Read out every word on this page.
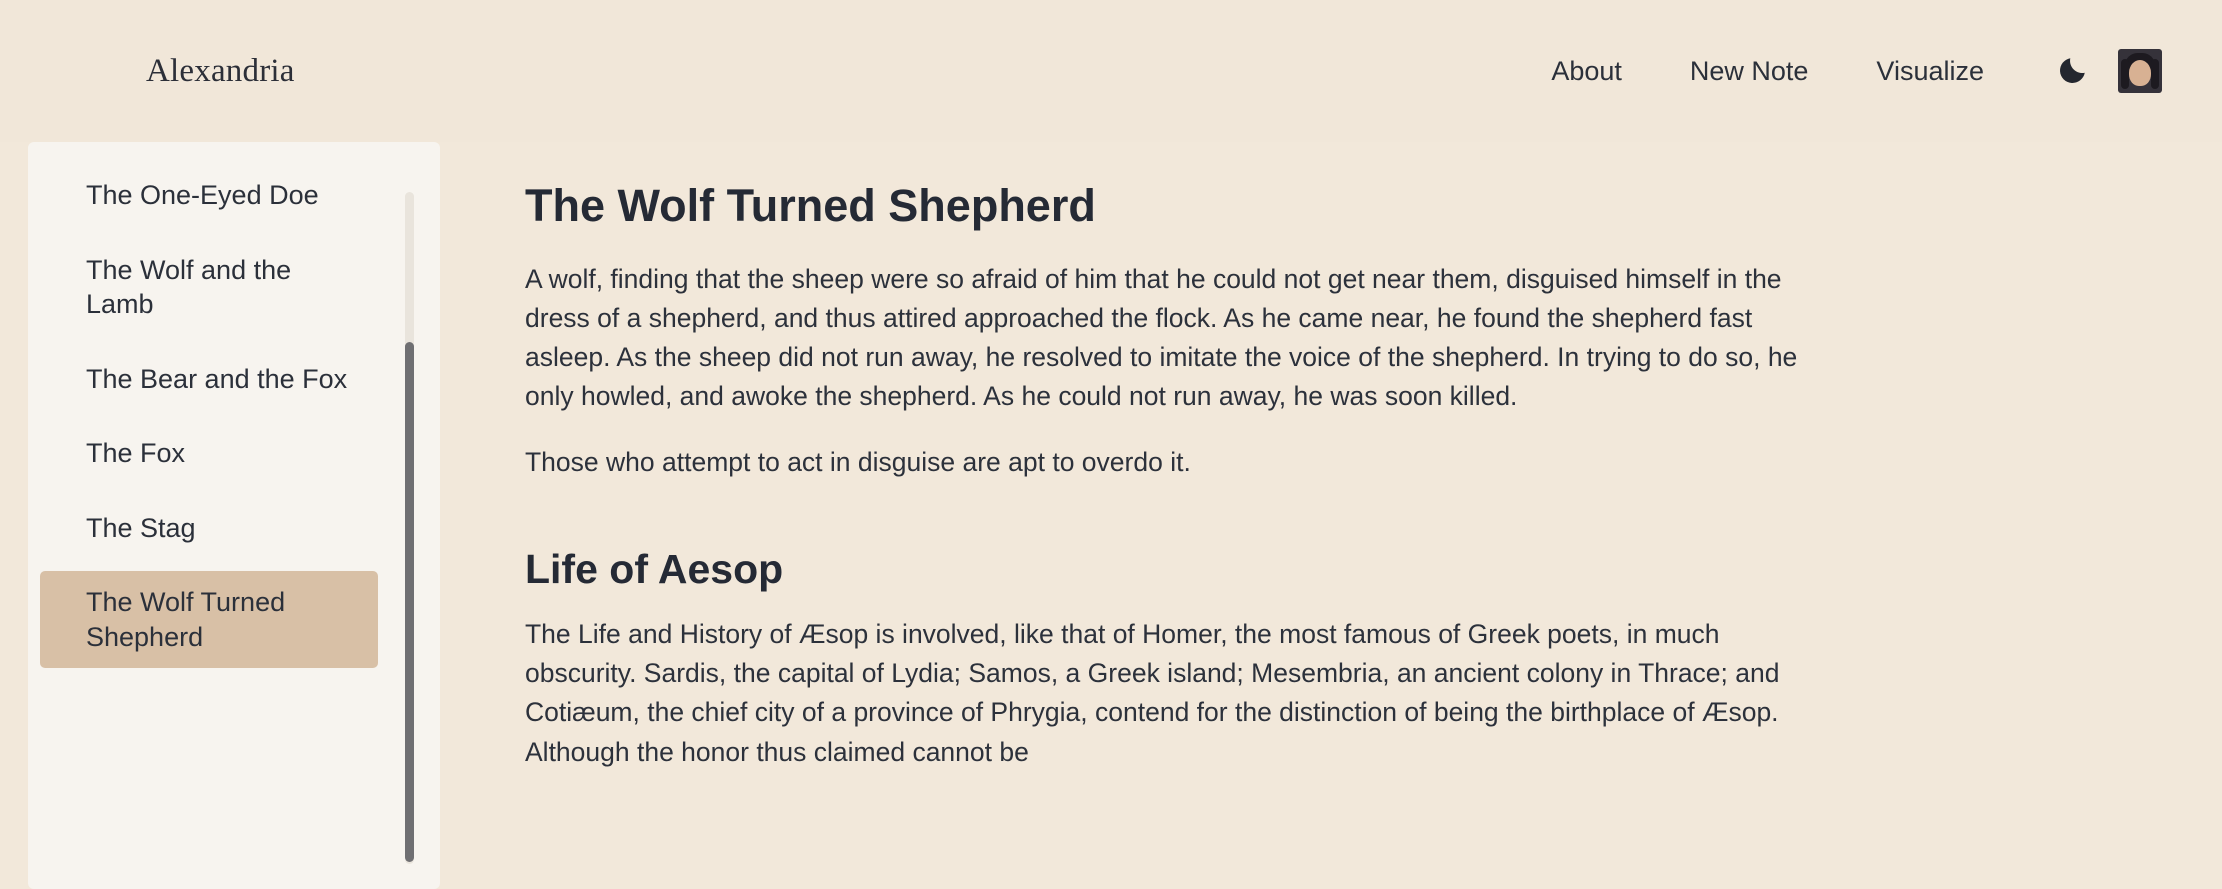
Alexandria	About	New Note	Visualize
The One-Eyed Doe
The Wolf and the Lamb
The Bear and the Fox
The Fox
The Stag
The Wolf Turned Shepherd
The Wolf Turned Shepherd

A wolf, finding that the sheep were so afraid of him that he could not get near them, disguised himself in the dress of a shepherd, and thus attired approached the flock. As he came near, he found the shepherd fast asleep. As the sheep did not run away, he resolved to imitate the voice of the shepherd. In trying to do so, he only howled, and awoke the shepherd. As he could not run away, he was soon killed.

Those who attempt to act in disguise are apt to overdo it.

Life of Aesop

The Life and History of Æsop is involved, like that of Homer, the most famous of Greek poets, in much obscurity. Sardis, the capital of Lydia; Samos, a Greek island; Mesembria, an ancient colony in Thrace; and Cotiæum, the chief city of a province of Phrygia, contend for the distinction of being the birthplace of Æsop. Although the honor thus claimed cannot be
